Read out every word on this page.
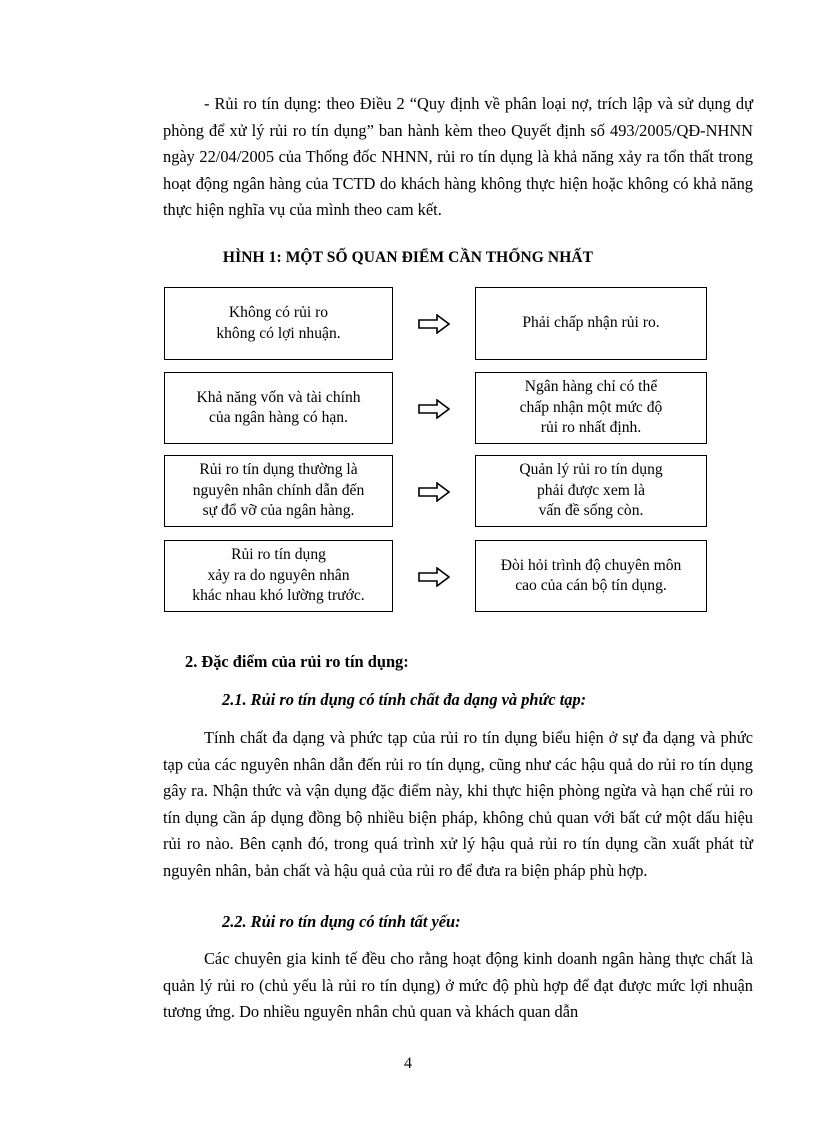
- Rủi ro tín dụng: theo Điều 2 “Quy định về phân loại nợ, trích lập và sử dụng dự phòng để xử lý rủi ro tín dụng” ban hành kèm theo Quyết định số 493/2005/QĐ-NHNN ngày 22/04/2005 của Thống đốc NHNN, rủi ro tín dụng là khả năng xảy ra tổn thất trong hoạt động ngân hàng của TCTD do khách hàng không thực hiện hoặc không có khả năng thực hiện nghĩa vụ của mình theo cam kết.

HÌNH 1: MỘT SỐ QUAN ĐIỂM CẦN THỐNG NHẤT

Không có rủi ro
không có lợi nhuận.
Phải chấp nhận rủi ro.
Khả năng vốn và tài chính
của ngân hàng có hạn.
Ngân hàng chỉ có thể
chấp nhận một mức độ
rủi ro nhất định.
Rủi ro tín dụng thường là
nguyên nhân chính dẫn đến
sự đổ vỡ của ngân hàng.
Quản lý rủi ro tín dụng
phải được xem là
vấn đề sống còn.
Rủi ro tín dụng
xảy ra do nguyên nhân
khác nhau khó lường trước.
Đòi hỏi trình độ chuyên môn
cao của cán bộ tín dụng.

2. Đặc điểm của rủi ro tín dụng:

2.1. Rủi ro tín dụng có tính chất đa dạng và phức tạp:

Tính chất đa dạng và phức tạp của rủi ro tín dụng biểu hiện ở sự đa dạng và phức tạp của các nguyên nhân dẫn đến rủi ro tín dụng, cũng như các hậu quả do rủi ro tín dụng gây ra. Nhận thức và vận dụng đặc điểm này, khi thực hiện phòng ngừa và hạn chế rủi ro tín dụng cần áp dụng đồng bộ nhiều biện pháp, không chủ quan với bất cứ một dấu hiệu rủi ro nào. Bên cạnh đó, trong quá trình xử lý hậu quả rủi ro tín dụng cần xuất phát từ nguyên nhân, bản chất và hậu quả của rủi ro để đưa ra biện pháp phù hợp.

2.2. Rủi ro tín dụng có tính tất yếu:

Các chuyên gia kinh tế đều cho rằng hoạt động kinh doanh ngân hàng thực chất là quản lý rủi ro (chủ yếu là rủi ro tín dụng) ở mức độ phù hợp để đạt được mức lợi nhuận tương ứng. Do nhiều nguyên nhân chủ quan và khách quan dẫn

4
